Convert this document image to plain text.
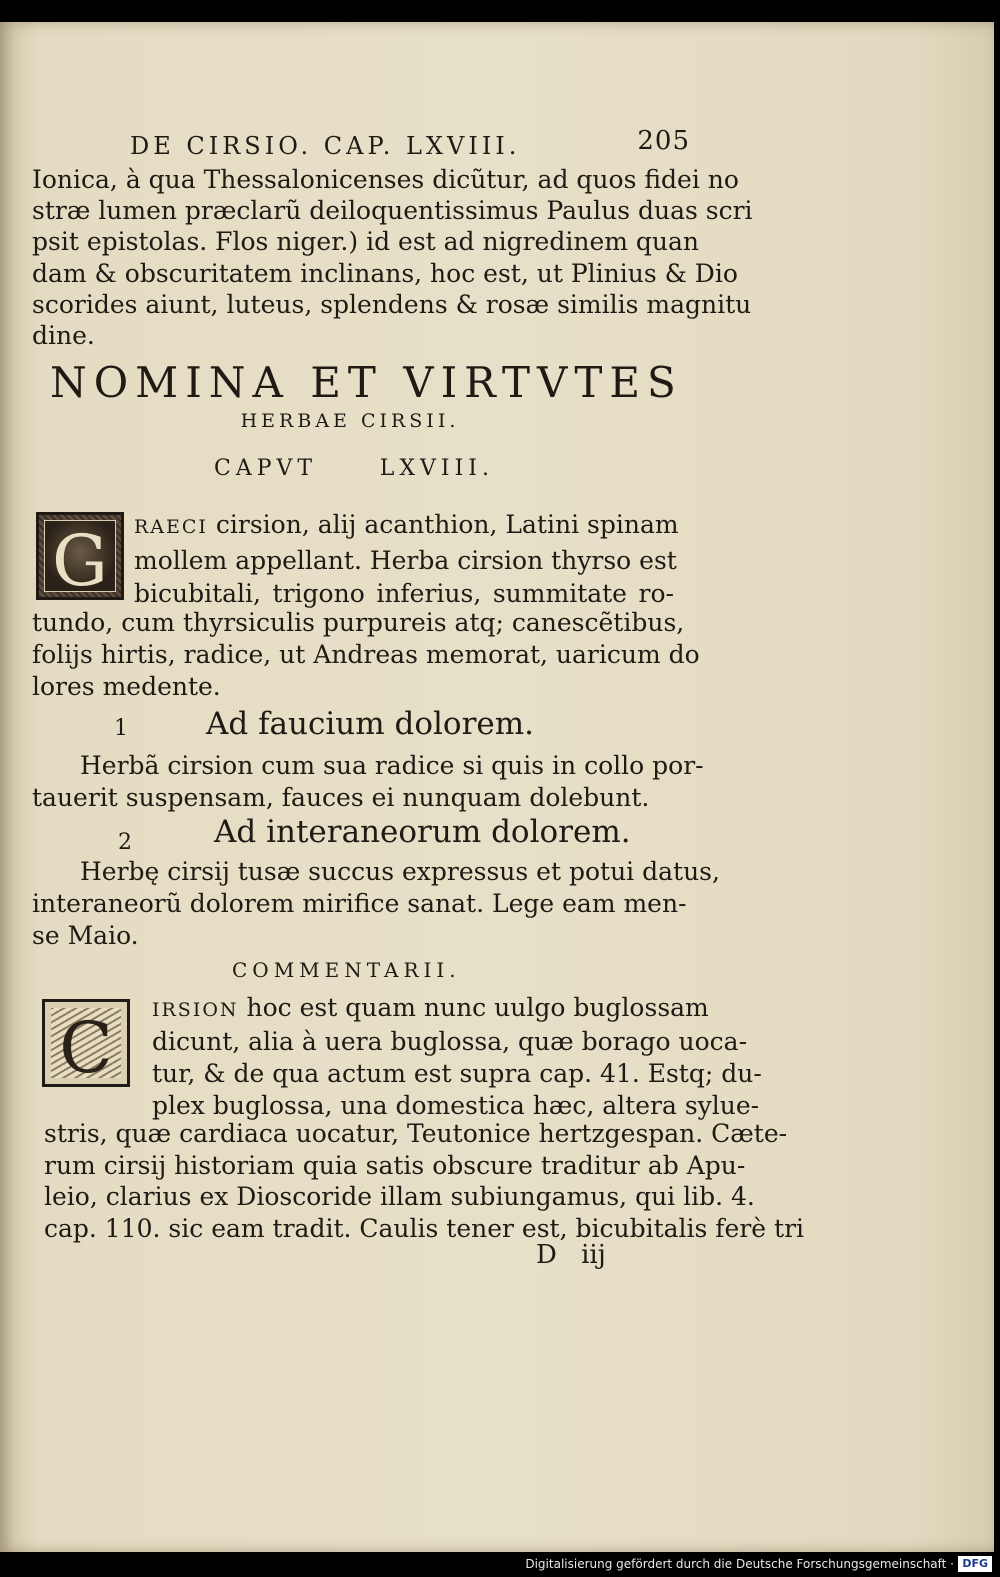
DE CIRSIO. CAP. LXVIII.	205
Ionica, à qua Thessalonicenses dicũtur, ad quos fidei no
stræ lumen præclarũ deiloquentissimus Paulus duas scri
psit epistolas. Flos niger.) id est ad nigredinem quan
dam & obscuritatem inclinans, hoc est, ut Plinius & Dio
scorides aiunt, luteus, splendens & rosæ similis magnitu
dine.
NOMINA ET VIRTVTES
HERBAE CIRSII.
CAPVT	LXVIII.
G	RAECI cirsion, alij acanthion, Latini spinam
mollem appellant. Herba cirsion thyrso est
bicubitali, trigono inferius, summitate ro-
tundo, cum thyrsiculis purpureis atq; canescẽtibus,
folijs hirtis, radice, ut Andreas memorat, uaricum do
lores medente.
1	Ad faucium dolorem.
Herbã cirsion cum sua radice si quis in collo por-
tauerit suspensam, fauces ei nunquam dolebunt.
2	Ad interaneorum dolorem.
Herbę cirsij tusæ succus expressus et potui datus,
interaneorũ dolorem mirifice sanat. Lege eam men-
se Maio.
COMMENTARII.
C	IRSION hoc est quam nunc uulgo buglossam
dicunt, alia à uera buglossa, quæ borago uoca-
tur, & de qua actum est supra cap. 41. Estq; du-
plex buglossa, una domestica hæc, altera sylue-
stris, quæ cardiaca uocatur, Teutonice hertzgespan. Cæte-
rum cirsij historiam quia satis obscure traditur ab Apu-
leio, clarius ex Dioscoride illam subiungamus, qui lib. 4.
cap. 110. sic eam tradit. Caulis tener est, bicubitalis ferè tri
D iij
Digitalisierung gefördert durch die Deutsche Forschungsgemeinschaft · DFG
